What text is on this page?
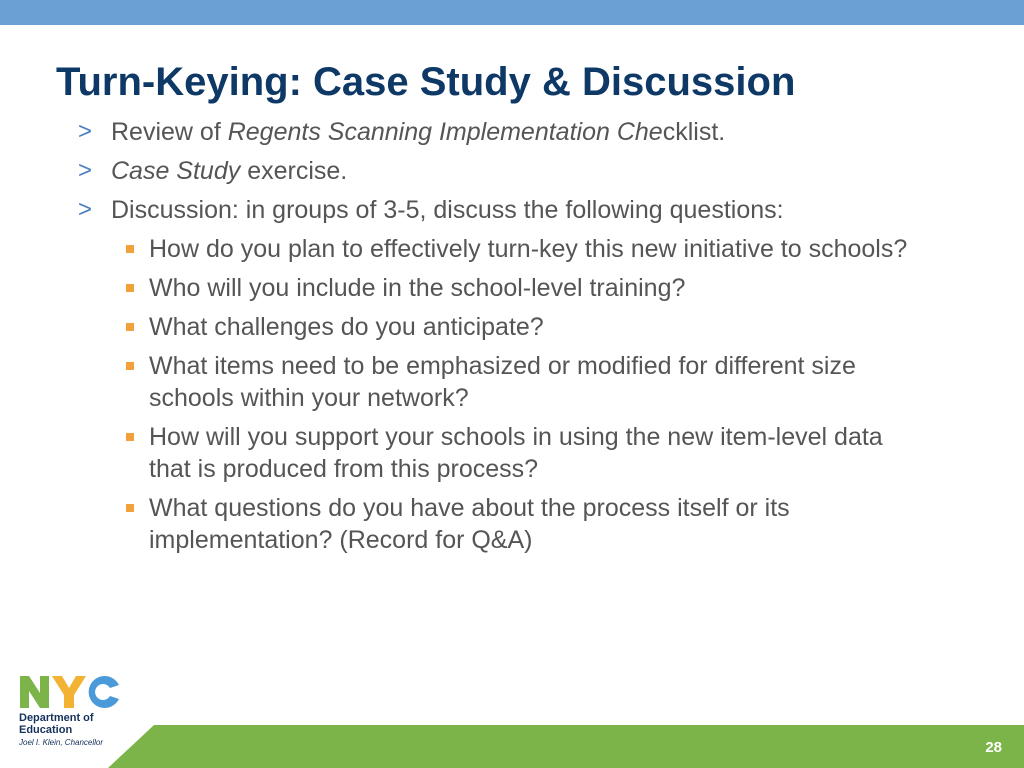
Turn-Keying: Case Study & Discussion
> Review of Regents Scanning Implementation Checklist.
> Case Study exercise.
> Discussion: in groups of 3-5, discuss the following questions:
How do you plan to effectively turn-key this new initiative to schools?
Who will you include in the school-level training?
What challenges do you anticipate?
What items need to be emphasized or modified for different size schools within your network?
How will you support your schools in using the new item-level data that is produced from this process?
What questions do you have about the process itself or its implementation? (Record for Q&A)
Department of
Education
Joel I. Klein, Chancellor	28
